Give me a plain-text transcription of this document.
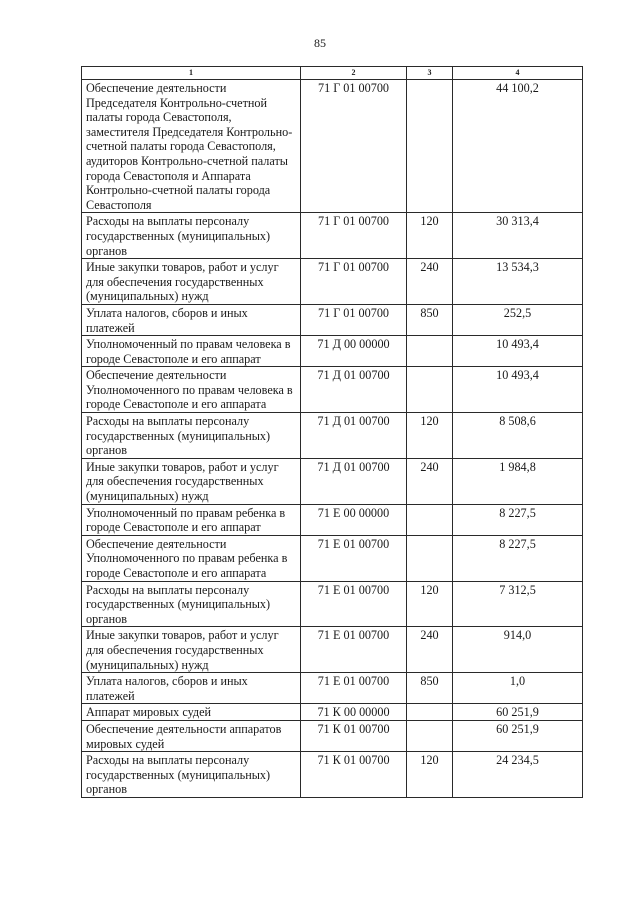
85
1	2	3	4
Обеспечение деятельности Председателя Контрольно-счетной палаты города Севастополя, заместителя Председателя Контрольно-счетной палаты города Севастополя, аудиторов Контрольно-счетной палаты города Севастополя и Аппарата Контрольно-счетной палаты города Севастополя	71 Г 01 00700		44 100,2
Расходы на выплаты персоналу государственных (муниципальных) органов	71 Г 01 00700	120	30 313,4
Иные закупки товаров, работ и услуг для обеспечения государственных (муниципальных) нужд	71 Г 01 00700	240	13 534,3
Уплата налогов, сборов и иных платежей	71 Г 01 00700	850	252,5
Уполномоченный по правам человека в городе Севастополе и его аппарат	71 Д 00 00000		10 493,4
Обеспечение деятельности Уполномоченного по правам человека в городе Севастополе и его аппарата	71 Д 01 00700		10 493,4
Расходы на выплаты персоналу государственных (муниципальных) органов	71 Д 01 00700	120	8 508,6
Иные закупки товаров, работ и услуг для обеспечения государственных (муниципальных) нужд	71 Д 01 00700	240	1 984,8
Уполномоченный по правам ребенка в городе Севастополе и его аппарат	71 Е 00 00000		8 227,5
Обеспечение деятельности Уполномоченного по правам ребенка в городе Севастополе и его аппарата	71 Е 01 00700		8 227,5
Расходы на выплаты персоналу государственных (муниципальных) органов	71 Е 01 00700	120	7 312,5
Иные закупки товаров, работ и услуг для обеспечения государственных (муниципальных) нужд	71 Е 01 00700	240	914,0
Уплата налогов, сборов и иных платежей	71 Е 01 00700	850	1,0
Аппарат мировых судей	71 К 00 00000		60 251,9
Обеспечение деятельности аппаратов мировых судей	71 К 01 00700		60 251,9
Расходы на выплаты персоналу государственных (муниципальных) органов	71 К 01 00700	120	24 234,5
